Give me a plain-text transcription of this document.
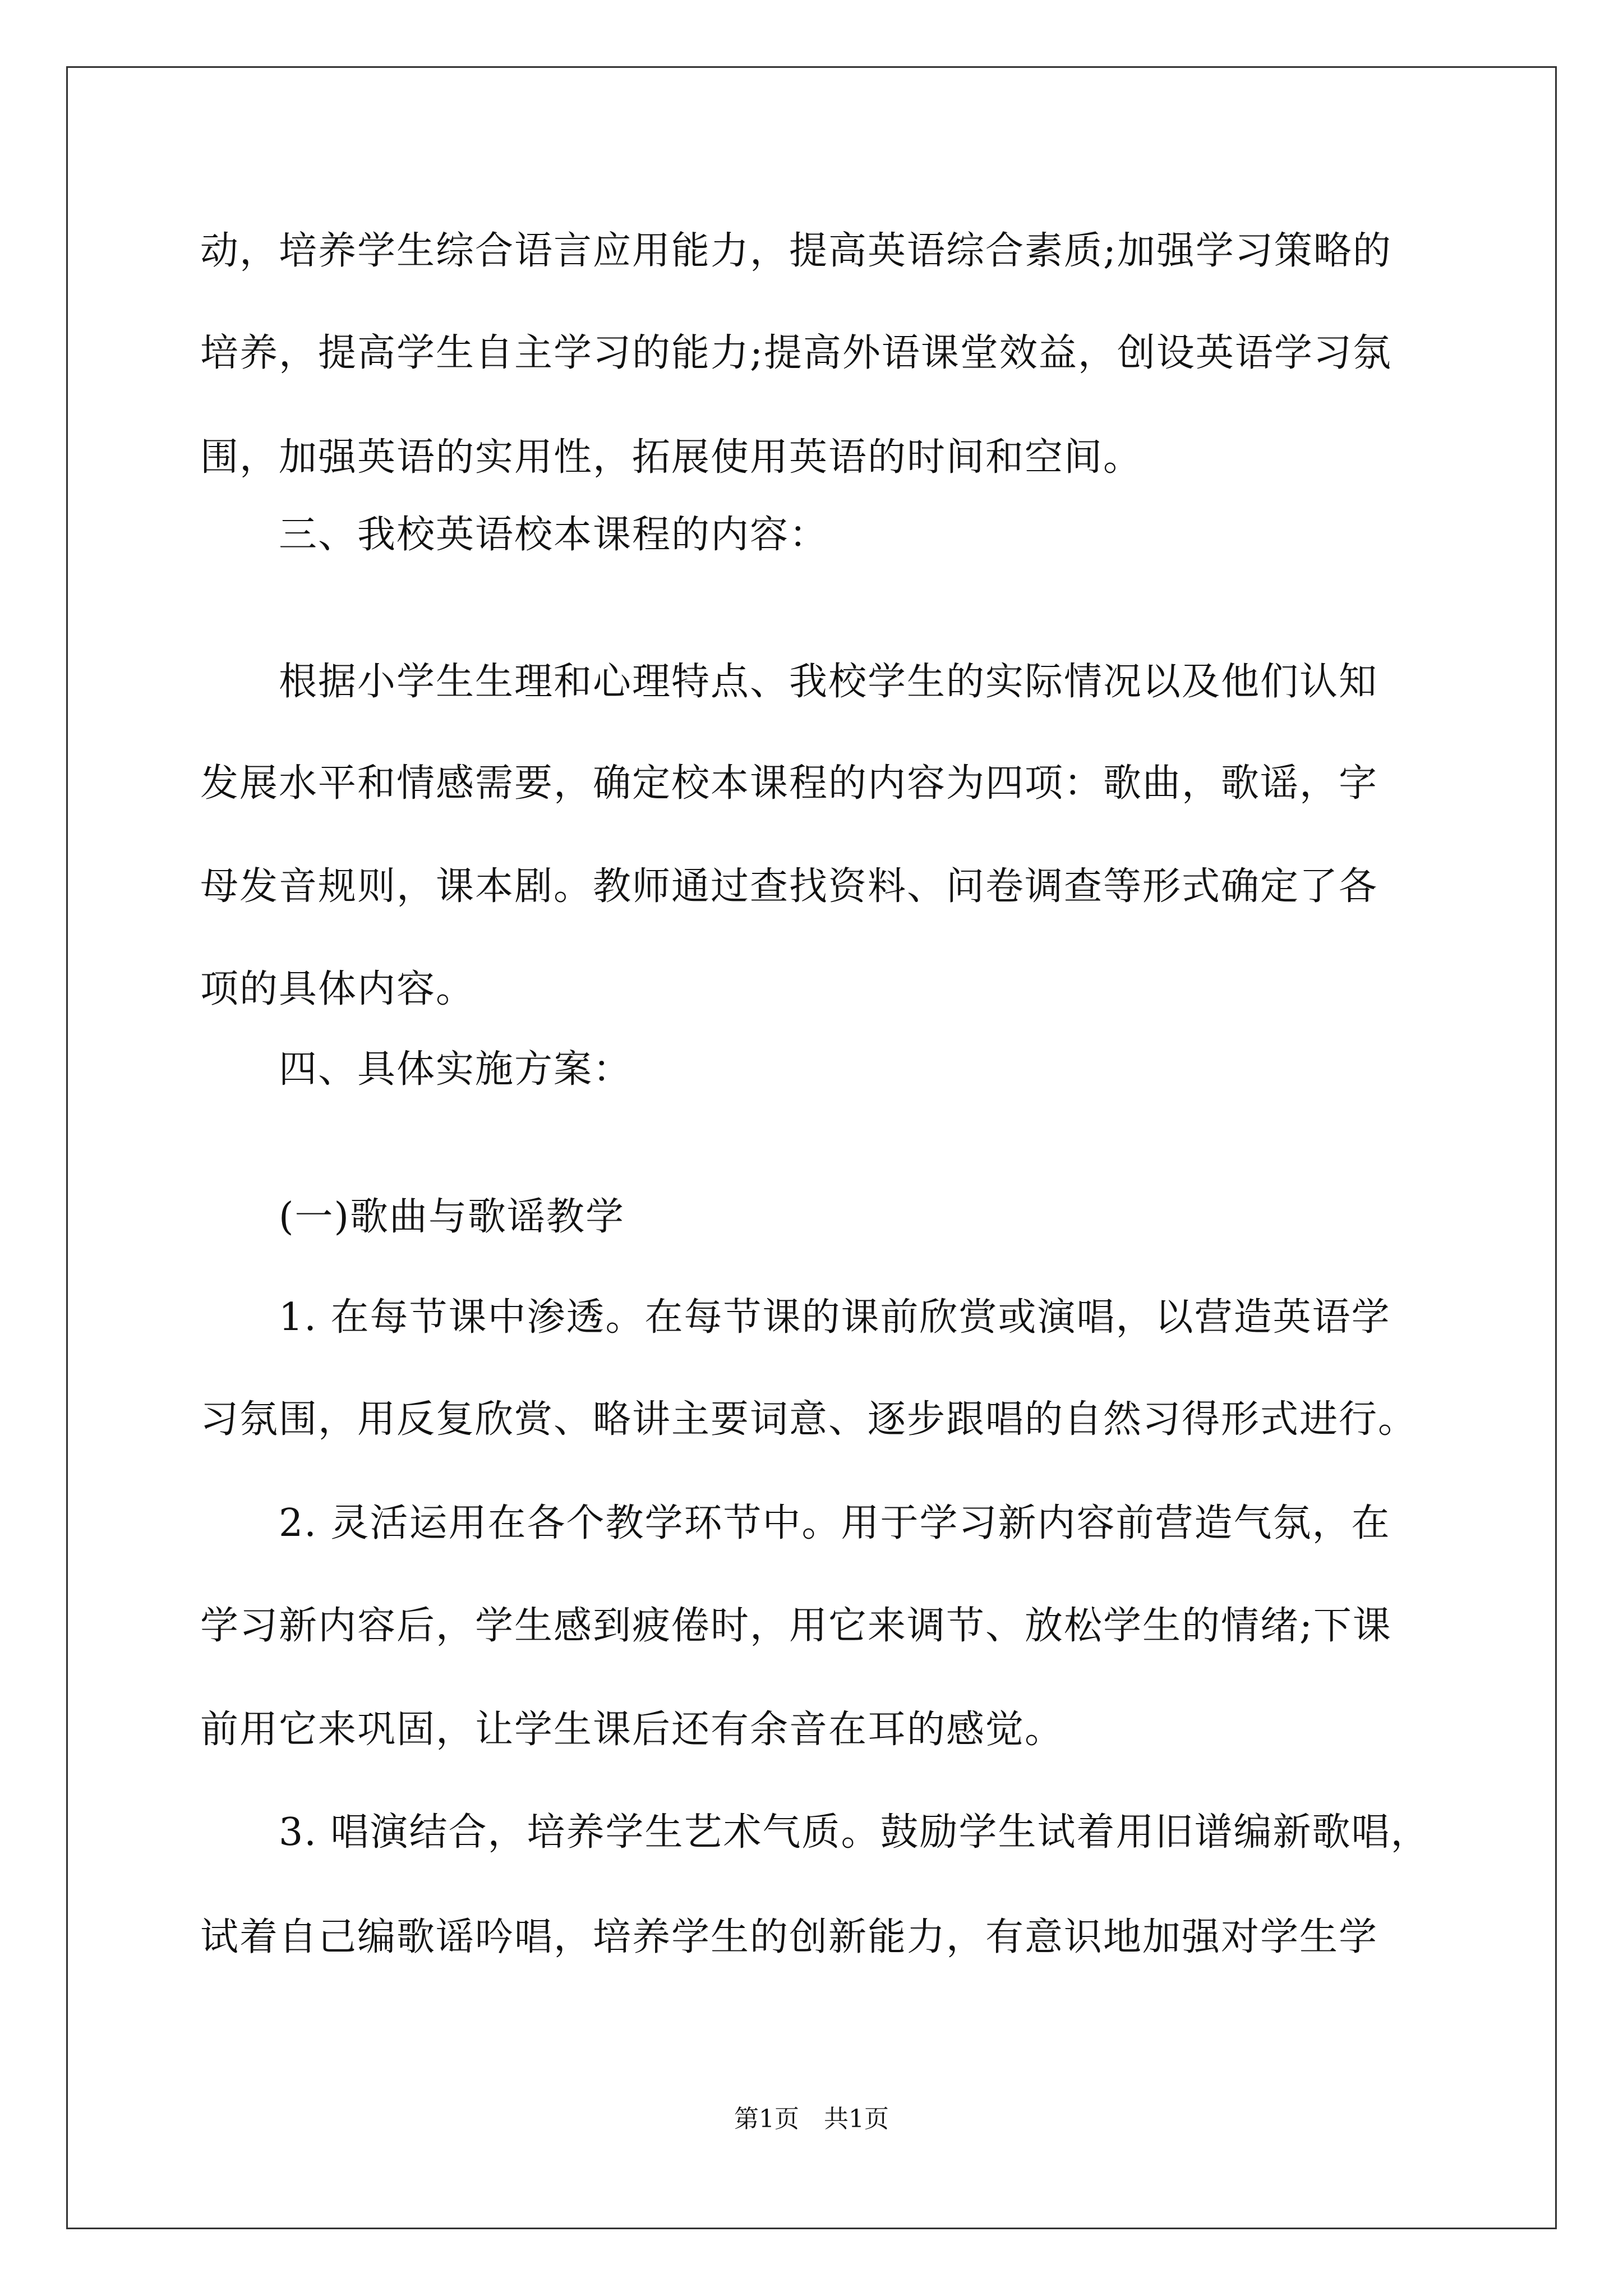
动，培养学生综合语言应用能力，提高英语综合素质;加强学习策略的
培养，提高学生自主学习的能力;提高外语课堂效益，创设英语学习氛
围，加强英语的实用性，拓展使用英语的时间和空间。
　　三、我校英语校本课程的内容：
　　根据小学生生理和心理特点、我校学生的实际情况以及他们认知
发展水平和情感需要，确定校本课程的内容为四项：歌曲，歌谣，字
母发音规则，课本剧。教师通过查找资料、问卷调查等形式确定了各
项的具体内容。
　　四、具体实施方案：
　　(一)歌曲与歌谣教学
　　1. 在每节课中渗透。在每节课的课前欣赏或演唱，以营造英语学
习氛围，用反复欣赏、略讲主要词意、逐步跟唱的自然习得形式进行。
　　2. 灵活运用在各个教学环节中。用于学习新内容前营造气氛，在
学习新内容后，学生感到疲倦时，用它来调节、放松学生的情绪;下课
前用它来巩固，让学生课后还有余音在耳的感觉。
　　3. 唱演结合，培养学生艺术气质。鼓励学生试着用旧谱编新歌唱，
试着自己编歌谣吟唱，培养学生的创新能力，有意识地加强对学生学
第1页　共1页
